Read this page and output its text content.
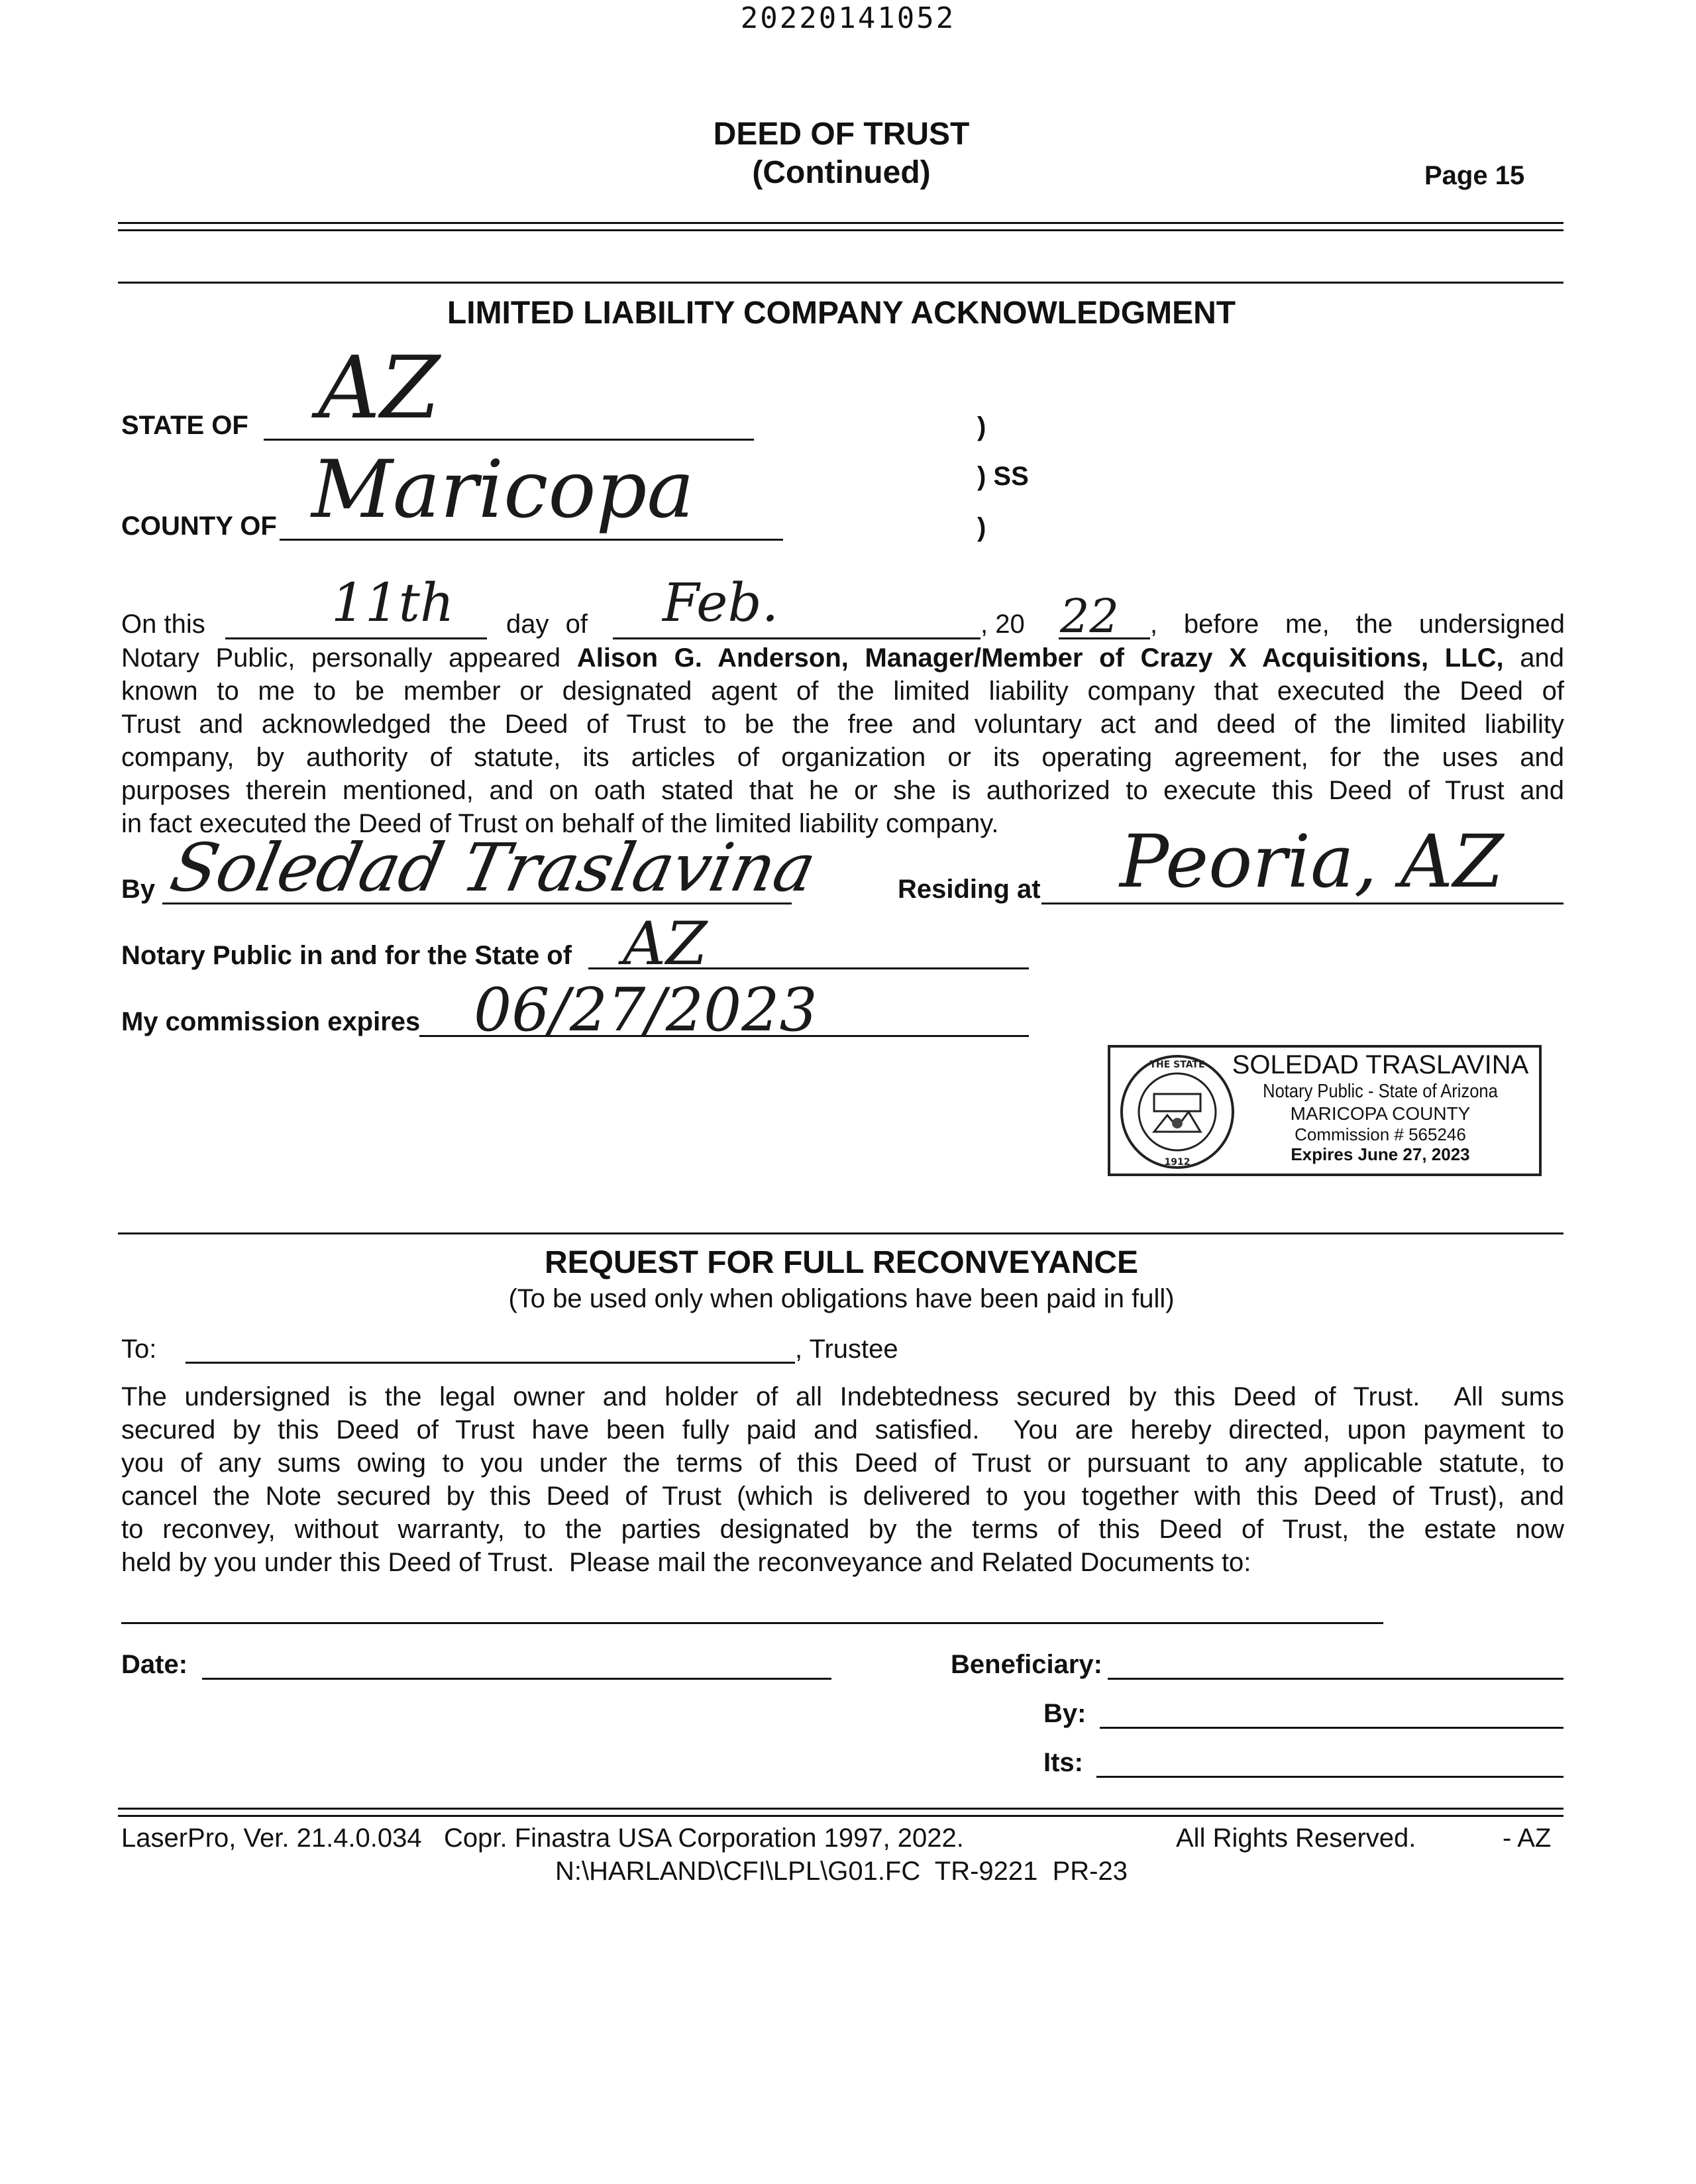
20220141052
DEED OF TRUST
(Continued)	Page 15
LIMITED LIABILITY COMPANY ACKNOWLEDGMENT
STATE OF AZ	)
) SS
)
COUNTY OF Maricopa
On this 11th day of Feb.	, 20 22 , before me, the undersigned
Notary Public, personally appeared Alison G. Anderson, Manager/Member of Crazy X Acquisitions, LLC, and
known to me to be member or designated agent of the limited liability company that executed the Deed of
Trust and acknowledged the Deed of Trust to be the free and voluntary act and deed of the limited liability
company, by authority of statute, its articles of organization or its operating agreement, for the uses and
purposes therein mentioned, and on oath stated that he or she is authorized to execute this Deed of Trust and
in fact executed the Deed of Trust on behalf of the limited liability company.
By Soledad Traslavina	Residing at Peoria, AZ
Notary Public in and for the State of AZ
My commission expires 06/27/2023
THE STATE
1912
SOLEDAD TRASLAVINA
Notary Public - State of Arizona
MARICOPA COUNTY
Commission # 565246
Expires June 27, 2023
REQUEST FOR FULL RECONVEYANCE
(To be used only when obligations have been paid in full)
To:	, Trustee
The undersigned is the legal owner and holder of all Indebtedness secured by this Deed of Trust.  All sums
secured by this Deed of Trust have been fully paid and satisfied.  You are hereby directed, upon payment to
you of any sums owing to you under the terms of this Deed of Trust or pursuant to any applicable statute, to
cancel the Note secured by this Deed of Trust (which is delivered to you together with this Deed of Trust), and
to reconvey, without warranty, to the parties designated by the terms of this Deed of Trust, the estate now
held by you under this Deed of Trust.  Please mail the reconveyance and Related Documents to:
Date:	Beneficiary:
By:
Its:
LaserPro, Ver. 21.4.0.034   Copr. Finastra USA Corporation 1997, 2022.	All Rights Reserved.	- AZ
N:\HARLAND\CFI\LPL\G01.FC  TR-9221  PR-23
